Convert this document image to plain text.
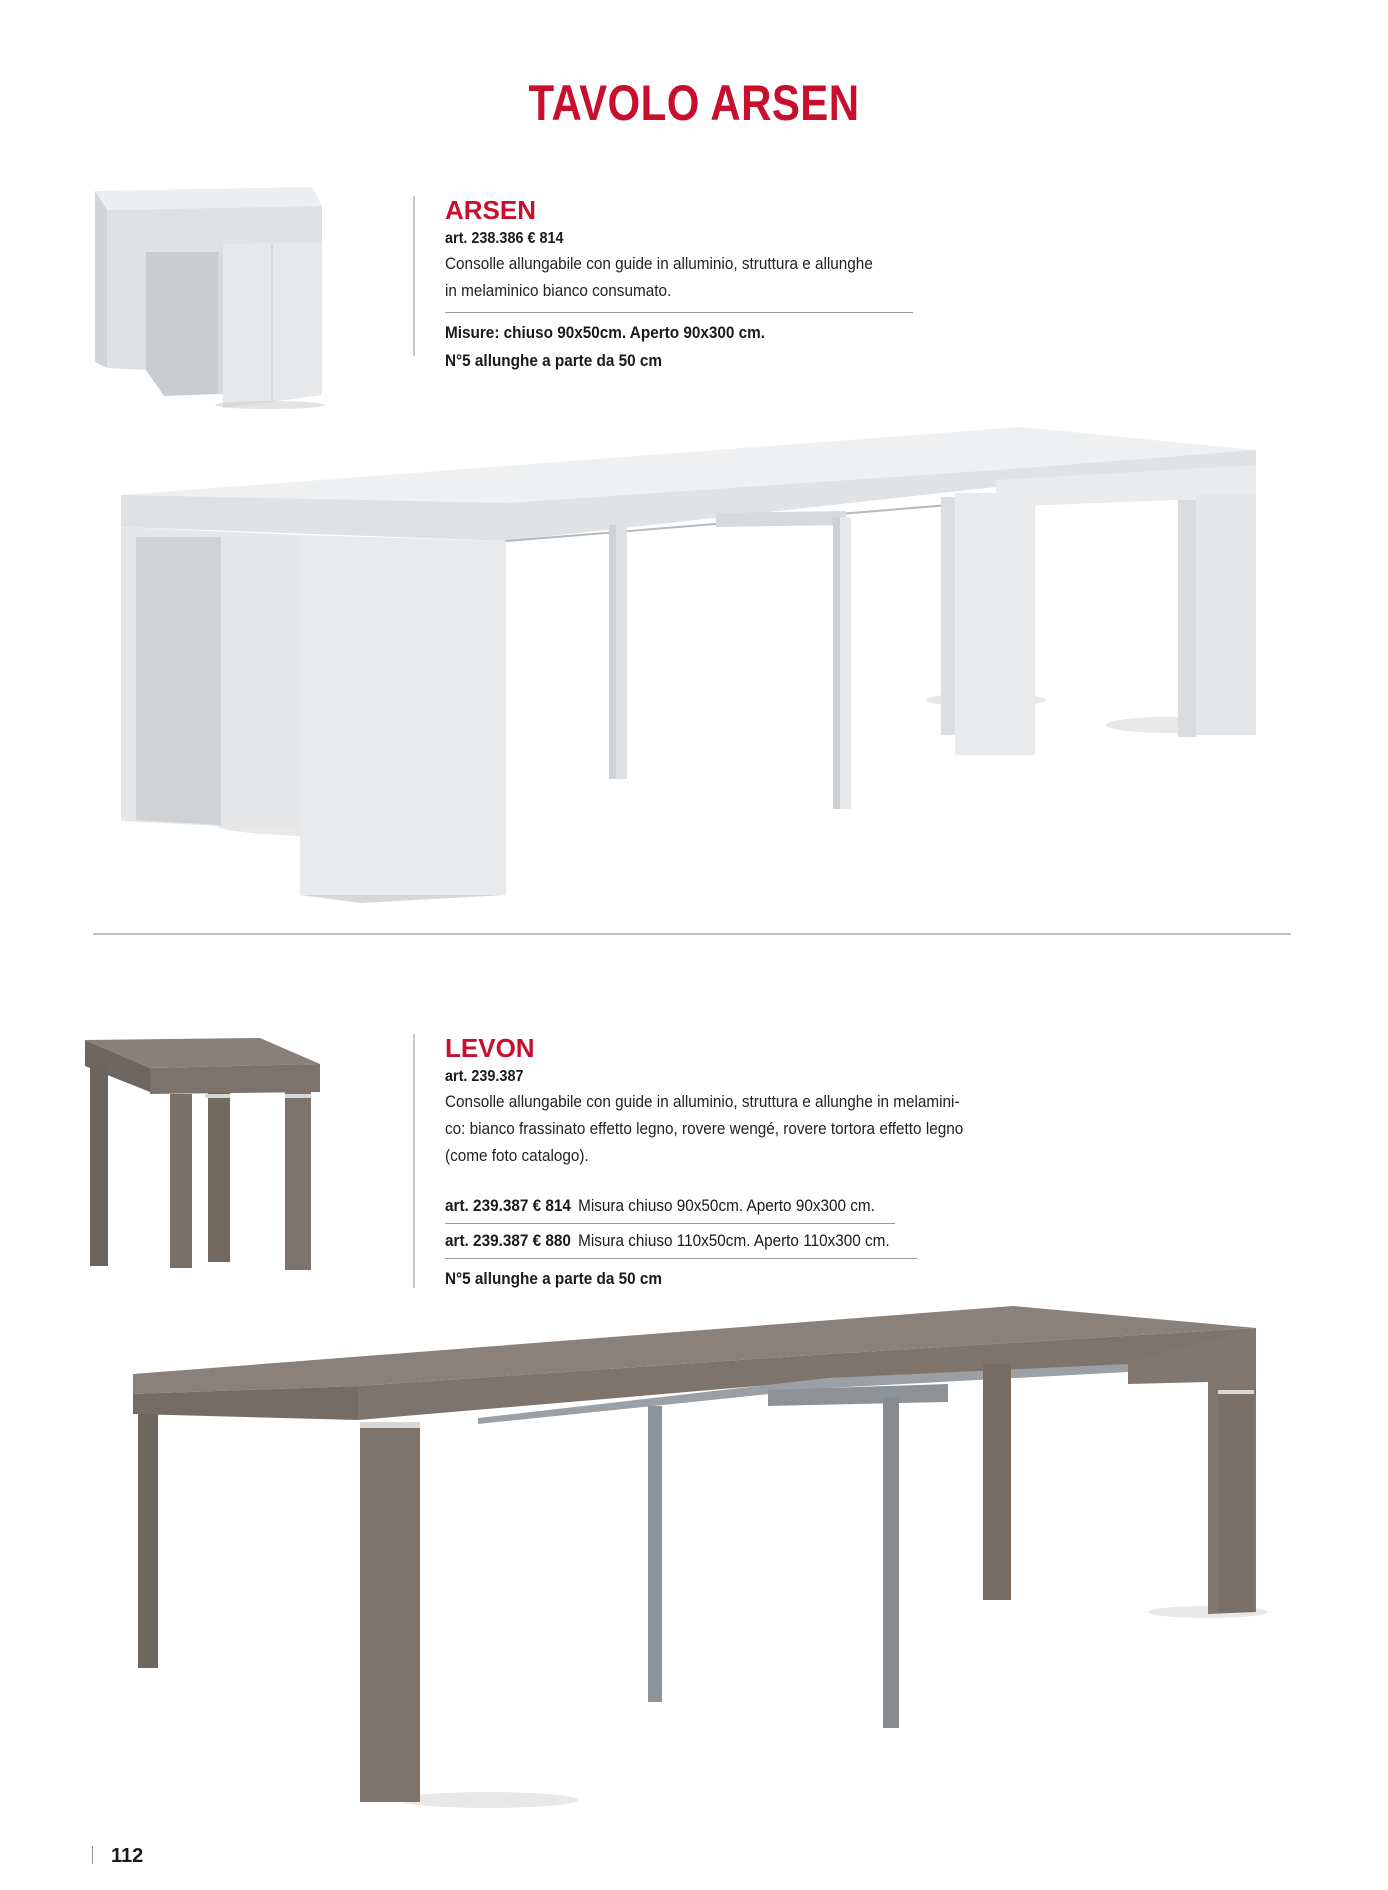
TAVOLO ARSEN
ARSEN
art. 238.386 € 814
Consolle allungabile con guide in alluminio, struttura e allunghe
in melaminico bianco consumato.
Misure: chiuso 90x50cm. Aperto 90x300 cm.
N°5 allunghe a parte da 50 cm
LEVON
art. 239.387
Consolle allungabile con guide in alluminio, struttura e allunghe in melamini-
co: bianco frassinato effetto legno, rovere wengé, rovere tortora effetto legno
(come foto catalogo).
art. 239.387 € 814 Misura chiuso 90x50cm. Aperto 90x300 cm.
art. 239.387 € 880 Misura chiuso 110x50cm. Aperto 110x300 cm.
N°5 allunghe a parte da 50 cm
112
